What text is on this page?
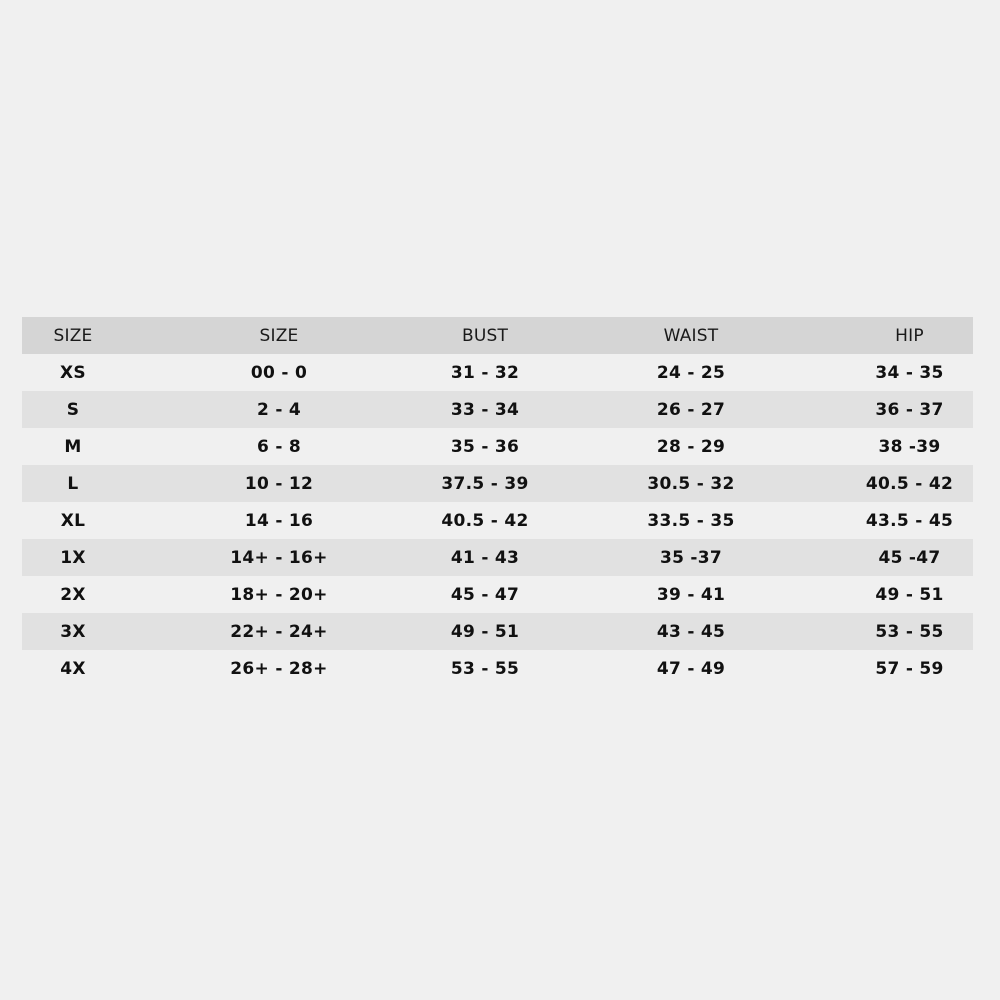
SIZE	SIZE	BUST	WAIST	HIP
XS	00 - 0	31 - 32	24 - 25	34 - 35
S	2 - 4	33 - 34	26 - 27	36 - 37
M	6 - 8	35 - 36	28 - 29	38 -39
L	10 - 12	37.5 - 39	30.5 - 32	40.5 - 42
XL	14 - 16	40.5 - 42	33.5 - 35	43.5 - 45
1X	14+ - 16+	41 - 43	35 -37	45 -47
2X	18+ - 20+	45 - 47	39 - 41	49 - 51
3X	22+ - 24+	49 - 51	43 - 45	53 - 55
4X	26+ - 28+	53 - 55	47 - 49	57 - 59
